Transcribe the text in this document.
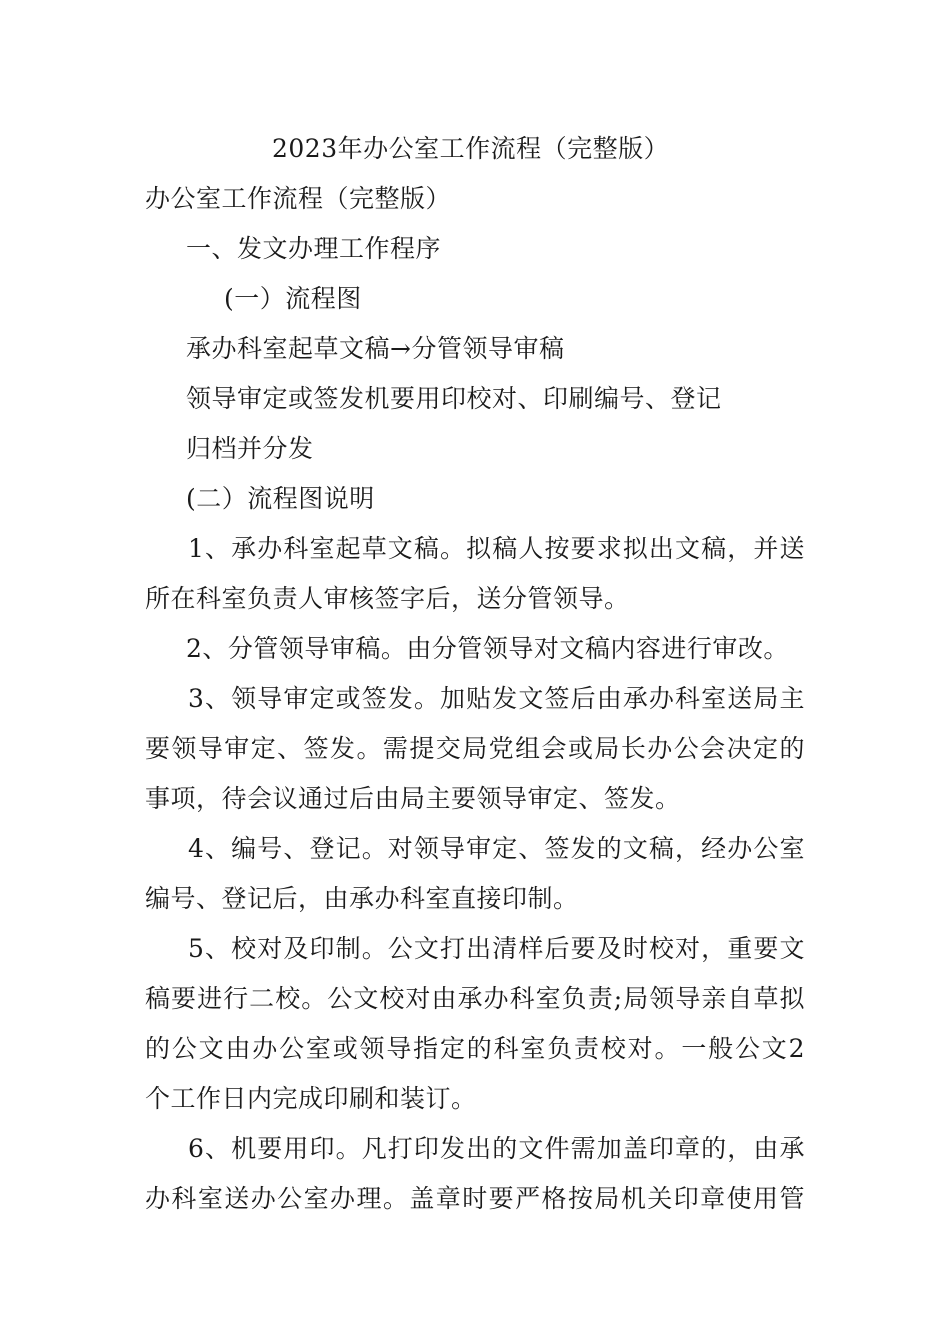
2023年办公室工作流程（完整版）
办公室工作流程（完整版）
一、发文办理工作程序
(一）流程图
承办科室起草文稿→分管领导审稿
领导审定或签发机要用印校对、印刷编号、登记
归档并分发
(二）流程图说明
1、承办科室起草文稿。拟稿人按要求拟出文稿，并送
所在科室负责人审核签字后，送分管领导。
2、分管领导审稿。由分管领导对文稿内容进行审改。
3、领导审定或签发。加贴发文签后由承办科室送局主
要领导审定、签发。需提交局党组会或局长办公会决定的
事项，待会议通过后由局主要领导审定、签发。
4、编号、登记。对领导审定、签发的文稿，经办公室
编号、登记后，由承办科室直接印制。
5、校对及印制。公文打出清样后要及时校对，重要文
稿要进行二校。公文校对由承办科室负责;局领导亲自草拟
的公文由办公室或领导指定的科室负责校对。一般公文2
个工作日内完成印刷和装订。
6、机要用印。凡打印发出的文件需加盖印章的，由承
办科室送办公室办理。盖章时要严格按局机关印章使用管
